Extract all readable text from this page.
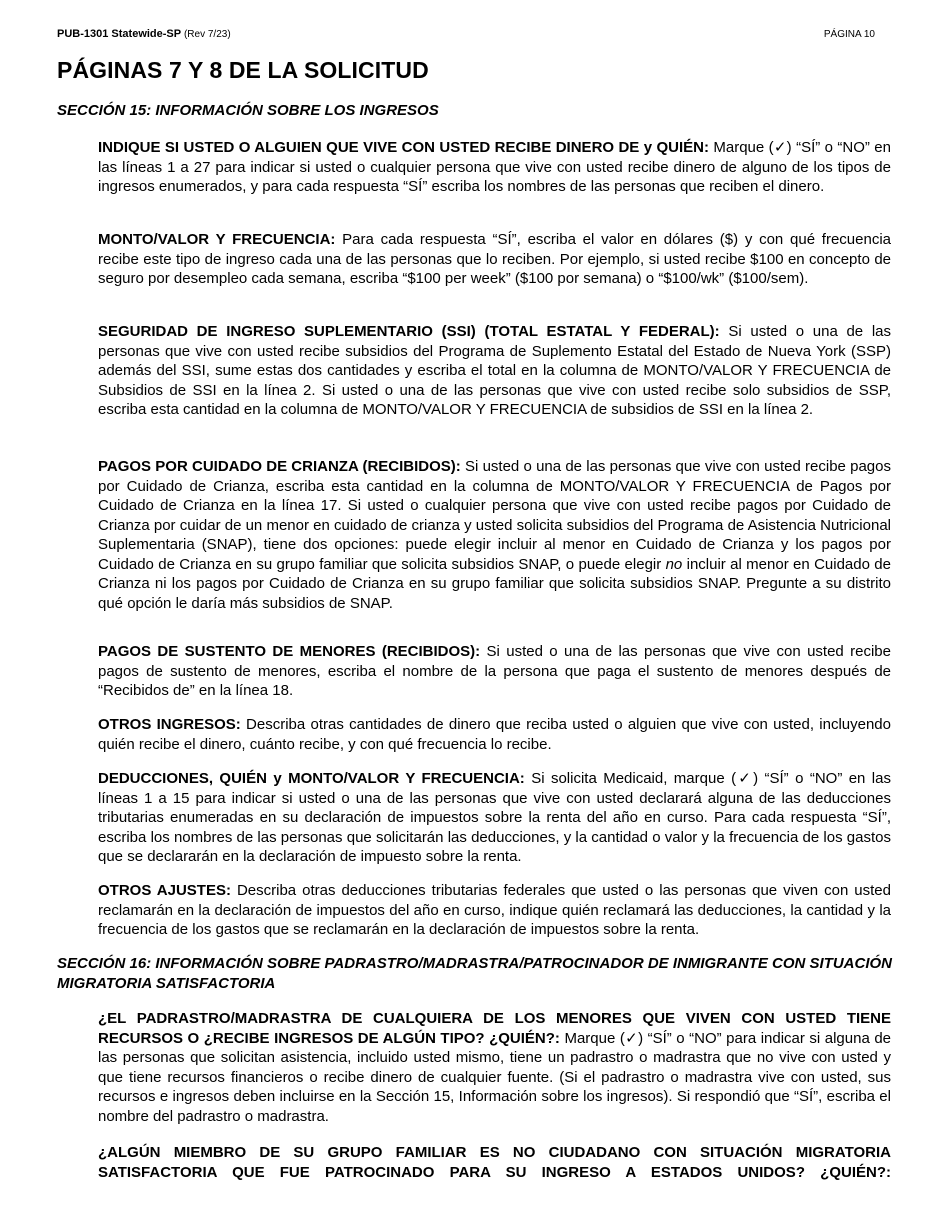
PUB-1301 Statewide-SP (Rev 7/23)	PÁGINA 10
PÁGINAS 7 Y 8 DE LA SOLICITUD
SECCIÓN 15: INFORMACIÓN SOBRE LOS INGRESOS

INDIQUE SI USTED O ALGUIEN QUE VIVE CON USTED RECIBE DINERO DE y QUIÉN: Marque (✓) “SÍ” o “NO” en las líneas 1 a 27 para indicar si usted o cualquier persona que vive con usted recibe dinero de alguno de los tipos de ingresos enumerados, y para cada respuesta “SÍ” escriba los nombres de las personas que reciben el dinero.

MONTO/VALOR Y FRECUENCIA: Para cada respuesta “SÍ”, escriba el valor en dólares ($) y con qué frecuencia recibe este tipo de ingreso cada una de las personas que lo reciben. Por ejemplo, si usted recibe $100 en concepto de seguro por desempleo cada semana, escriba “$100 per week” ($100 por semana) o “$100/wk” ($100/sem).

SEGURIDAD DE INGRESO SUPLEMENTARIO (SSI) (TOTAL ESTATAL Y FEDERAL): Si usted o una de las personas que vive con usted recibe subsidios del Programa de Suplemento Estatal del Estado de Nueva York (SSP) además del SSI, sume estas dos cantidades y escriba el total en la columna de MONTO/VALOR Y FRECUENCIA de Subsidios de SSI en la línea 2. Si usted o una de las personas que vive con usted recibe solo subsidios de SSP, escriba esta cantidad en la columna de MONTO/VALOR Y FRECUENCIA de subsidios de SSI en la línea 2.

PAGOS POR CUIDADO DE CRIANZA (RECIBIDOS): Si usted o una de las personas que vive con usted recibe pagos por Cuidado de Crianza, escriba esta cantidad en la columna de MONTO/VALOR Y FRECUENCIA de Pagos por Cuidado de Crianza en la línea 17. Si usted o cualquier persona que vive con usted recibe pagos por Cuidado de Crianza por cuidar de un menor en cuidado de crianza y usted solicita subsidios del Programa de Asistencia Nutricional Suplementaria (SNAP), tiene dos opciones: puede elegir incluir al menor en Cuidado de Crianza y los pagos por Cuidado de Crianza en su grupo familiar que solicita subsidios SNAP, o puede elegir no incluir al menor en Cuidado de Crianza ni los pagos por Cuidado de Crianza en su grupo familiar que solicita subsidios SNAP. Pregunte a su distrito qué opción le daría más subsidios de SNAP.

PAGOS DE SUSTENTO DE MENORES (RECIBIDOS): Si usted o una de las personas que vive con usted recibe pagos de sustento de menores, escriba el nombre de la persona que paga el sustento de menores después de “Recibidos de” en la línea 18.

OTROS INGRESOS: Describa otras cantidades de dinero que reciba usted o alguien que vive con usted, incluyendo quién recibe el dinero, cuánto recibe, y con qué frecuencia lo recibe.

DEDUCCIONES, QUIÉN y MONTO/VALOR Y FRECUENCIA: Si solicita Medicaid, marque (✓) “SÍ” o “NO” en las líneas 1 a 15 para indicar si usted o una de las personas que vive con usted declarará alguna de las deducciones tributarias enumeradas en su declaración de impuestos sobre la renta del año en curso. Para cada respuesta “SÍ”, escriba los nombres de las personas que solicitarán las deducciones, y la cantidad o valor y la frecuencia de los gastos que se declararán en la declaración de impuesto sobre la renta.

OTROS AJUSTES: Describa otras deducciones tributarias federales que usted o las personas que viven con usted reclamarán en la declaración de impuestos del año en curso, indique quién reclamará las deducciones, la cantidad y la frecuencia de los gastos que se reclamarán en la declaración de impuestos sobre la renta.

SECCIÓN 16: INFORMACIÓN SOBRE PADRASTRO/MADRASTRA/PATROCINADOR DE INMIGRANTE CON SITUACIÓN MIGRATORIA SATISFACTORIA

¿EL PADRASTRO/MADRASTRA DE CUALQUIERA DE LOS MENORES QUE VIVEN CON USTED TIENE RECURSOS O ¿RECIBE INGRESOS DE ALGÚN TIPO? ¿QUIÉN?: Marque (✓) “SÍ” o “NO” para indicar si alguna de las personas que solicitan asistencia, incluido usted mismo, tiene un padrastro o madrastra que no vive con usted y que tiene recursos financieros o recibe dinero de cualquier fuente. (Si el padrastro o madrastra vive con usted, sus recursos e ingresos deben incluirse en la Sección 15, Información sobre los ingresos). Si respondió que “SÍ”, escriba el nombre del padrastro o madrastra.

¿ALGÚN MIEMBRO DE SU GRUPO FAMILIAR ES NO CIUDADANO CON SITUACIÓN MIGRATORIA SATISFACTORIA QUE FUE PATROCINADO PARA SU INGRESO A ESTADOS UNIDOS? ¿QUIÉN?:
